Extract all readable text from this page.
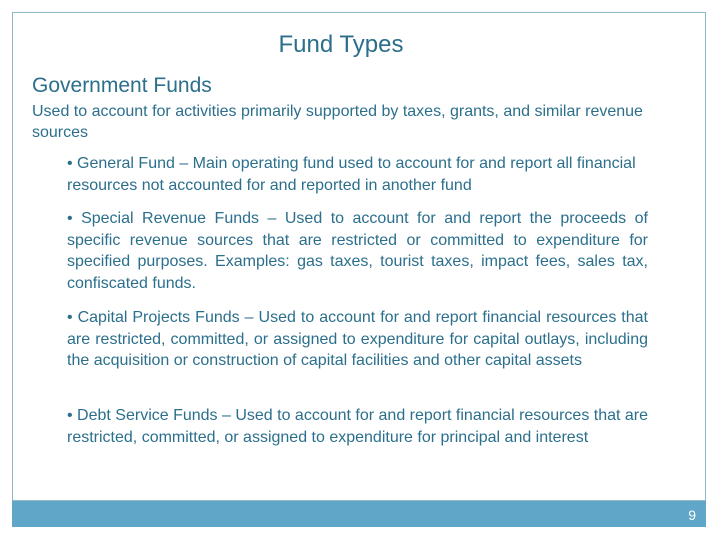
Fund Types
Government Funds
Used to account for activities primarily supported by taxes, grants, and similar revenue sources
• General Fund – Main operating fund used to account for and report all financial resources not accounted for and reported in another fund
• Special Revenue Funds – Used to account for and report the proceeds of specific revenue sources that are restricted or committed to expenditure for specified purposes. Examples: gas taxes, tourist taxes, impact fees, sales tax, confiscated funds.
• Capital Projects Funds – Used to account for and report financial resources that are restricted, committed, or assigned to expenditure for capital outlays, including the acquisition or construction of capital facilities and other capital assets
• Debt Service Funds – Used to account for and report financial resources that are restricted, committed, or assigned to expenditure for principal and interest
9
